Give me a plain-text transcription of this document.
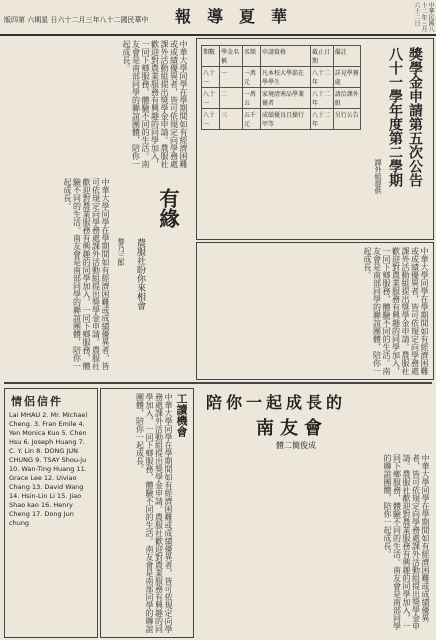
報導夏華
版四第 六期星 日六十二月三年八十二國民華中	中華民國八十二年三月六十二日
八十一學年度第二學期 獎學金申請第五次公告
課外組提供
期數	學金名稱	名額	申請資格	截止日期	備註
八十一	一	一萬元	凡本校大學部在學學生	八十二年	詳見學務處
八十一	二	一萬五	家境清寒品學兼優者	八十二年	請洽課外組
八十一	三	五千元	成績優良且操行甲等	八十二年	另行公告
中華大學同學在學期間如有經濟困難或成績優異者，皆可依規定向學務處課外活動組提出獎學金申請。農服社歡迎對農業服務有興趣的同學加入，一同下鄉服務，體驗不同的生活。南友會是南部同學的聯誼團體，陪你一起成長。
有緣
農服社盼你來相會
黎乃三郎
中華大學同學在學期間如有經濟困難或成績優異者，皆可依規定向學務處課外活動組提出獎學金申請。農服社歡迎對農業服務有興趣的同學加入，一同下鄉服務，體驗不同的生活。南友會是南部同學的聯誼團體，陪你一起成長。
中華大學同學在學期間如有經濟困難或成績優異者，皆可依規定向學務處課外活動組提出獎學金申請。農服社歡迎對農業服務有興趣的同學加入，一同下鄉服務，體驗不同的生活。南友會是南部同學的聯誼團體，陪你一起成長。
陪你一起成長的
南友會
體二簡俊成
中華大學同學在學期間如有經濟困難或成績優異者，皆可依規定向學務處課外活動組提出獎學金申請。農服社歡迎對農業服務有興趣的同學加入，一同下鄉服務，體驗不同的生活。南友會是南部同學的聯誼團體，陪你一起成長。
工讀機會
中華大學同學在學期間如有經濟困難或成績優異者，皆可依規定向學務處課外活動組提出獎學金申請。農服社歡迎對農業服務有興趣的同學加入，一同下鄉服務，體驗不同的生活。南友會是南部同學的聯誼團體，陪你一起成長。
情侶信件
Lai MHAU 2. Mr. Michael Cheng. 3. Fran Emile 4. Yen Monica Kuo 5. Chen Hsu 6. Joseph Huang 7. C. Y. Lin 8. DONG JUN CHUNG 9. TSAY Shou-ju 10. Wan-Ting Huang 11. Grace Lee 12. Uiviao Chang 13. David Wang 14. Hsin-Lin Li 15. Jiao Shao kao 16. Henry Cheng 17. Dong Jun chung
